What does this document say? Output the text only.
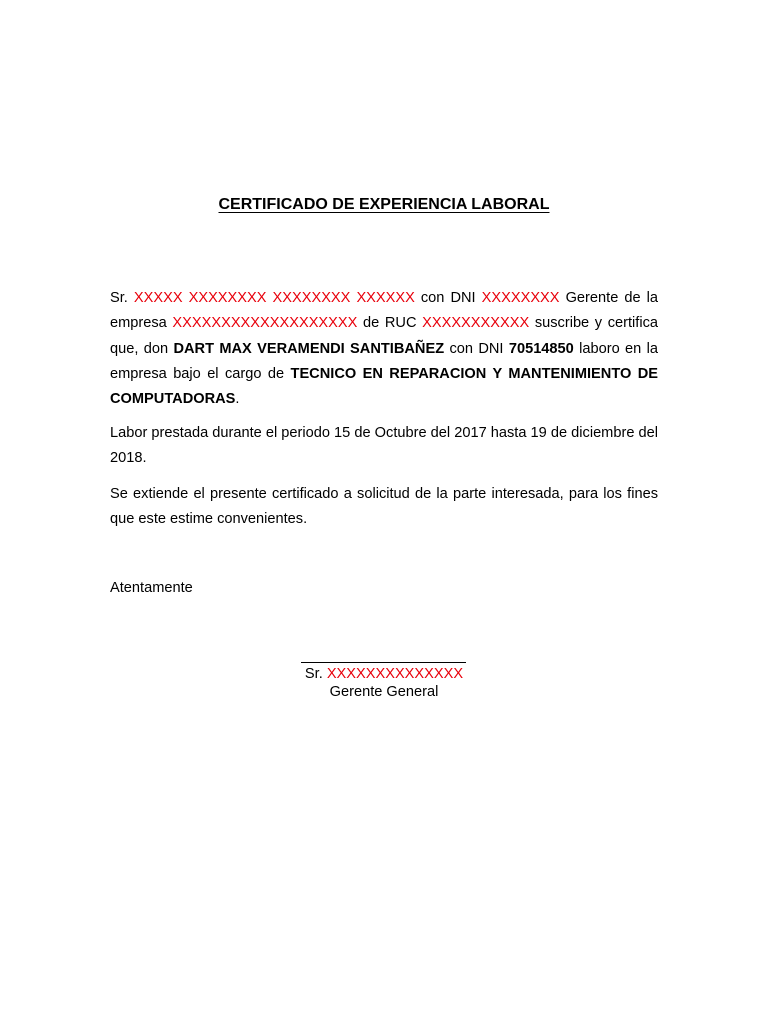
CERTIFICADO DE EXPERIENCIA LABORAL

Sr. XXXXX XXXXXXXX XXXXXXXX XXXXXX con DNI XXXXXXXX Gerente de la empresa XXXXXXXXXXXXXXXXXXX de RUC XXXXXXXXXXX suscribe y certifica que, don DART MAX VERAMENDI SANTIBAÑEZ con DNI 70514850 laboro en la empresa bajo el cargo de TECNICO EN REPARACION Y MANTENIMIENTO DE COMPUTADORAS.

Labor prestada durante el periodo 15 de Octubre del 2017 hasta 19 de diciembre del 2018.

Se extiende el presente certificado a solicitud de la parte interesada, para los fines que este estime convenientes.

Atentamente
Sr. XXXXXXXXXXXXXX
Gerente General
